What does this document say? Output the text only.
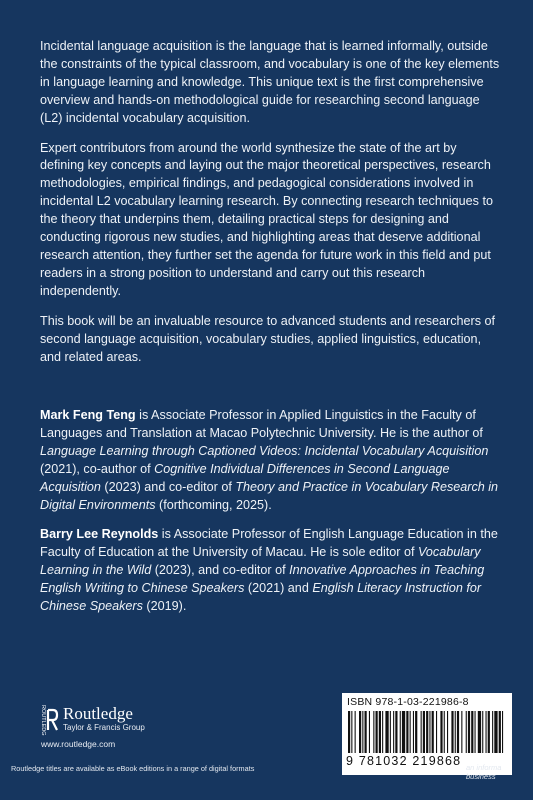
Incidental language acquisition is the language that is learned informally, outside the constraints of the typical classroom, and vocabulary is one of the key elements in language learning and knowledge. This unique text is the first comprehensive overview and hands-on methodological guide for researching second language (L2) incidental vocabulary acquisition.

Expert contributors from around the world synthesize the state of the art by defining key concepts and laying out the major theoretical perspectives, research methodologies, empirical findings, and pedagogical considerations involved in incidental L2 vocabulary learning research. By connecting research techniques to the theory that underpins them, detailing practical steps for designing and conducting rigorous new studies, and highlighting areas that deserve additional research attention, they further set the agenda for future work in this field and put readers in a strong position to understand and carry out this research independently.

This book will be an invaluable resource to advanced students and researchers of second language acquisition, vocabulary studies, applied linguistics, education, and related areas.

Mark Feng Teng is Associate Professor in Applied Linguistics in the Faculty of Languages and Translation at Macao Polytechnic University. He is the author of Language Learning through Captioned Videos: Incidental Vocabulary Acquisition (2021), co-author of Cognitive Individual Differences in Second Language Acquisition (2023) and co-editor of Theory and Practice in Vocabulary Research in Digital Environments (forthcoming, 2025).

Barry Lee Reynolds is Associate Professor of English Language Education in the Faculty of Education at the University of Macau. He is sole editor of Vocabulary Learning in the Wild (2023), and co-editor of Innovative Approaches in Teaching English Writing to Chinese Speakers (2021) and English Literacy Instruction for Chinese Speakers (2019).

ROUTLEDGE Routledge
Taylor & Francis Group
www.routledge.com
ISBN 978-1-03-221986-8
9 781032 219868
Routledge titles are available as eBook editions in a range of digital formats	an informa business
